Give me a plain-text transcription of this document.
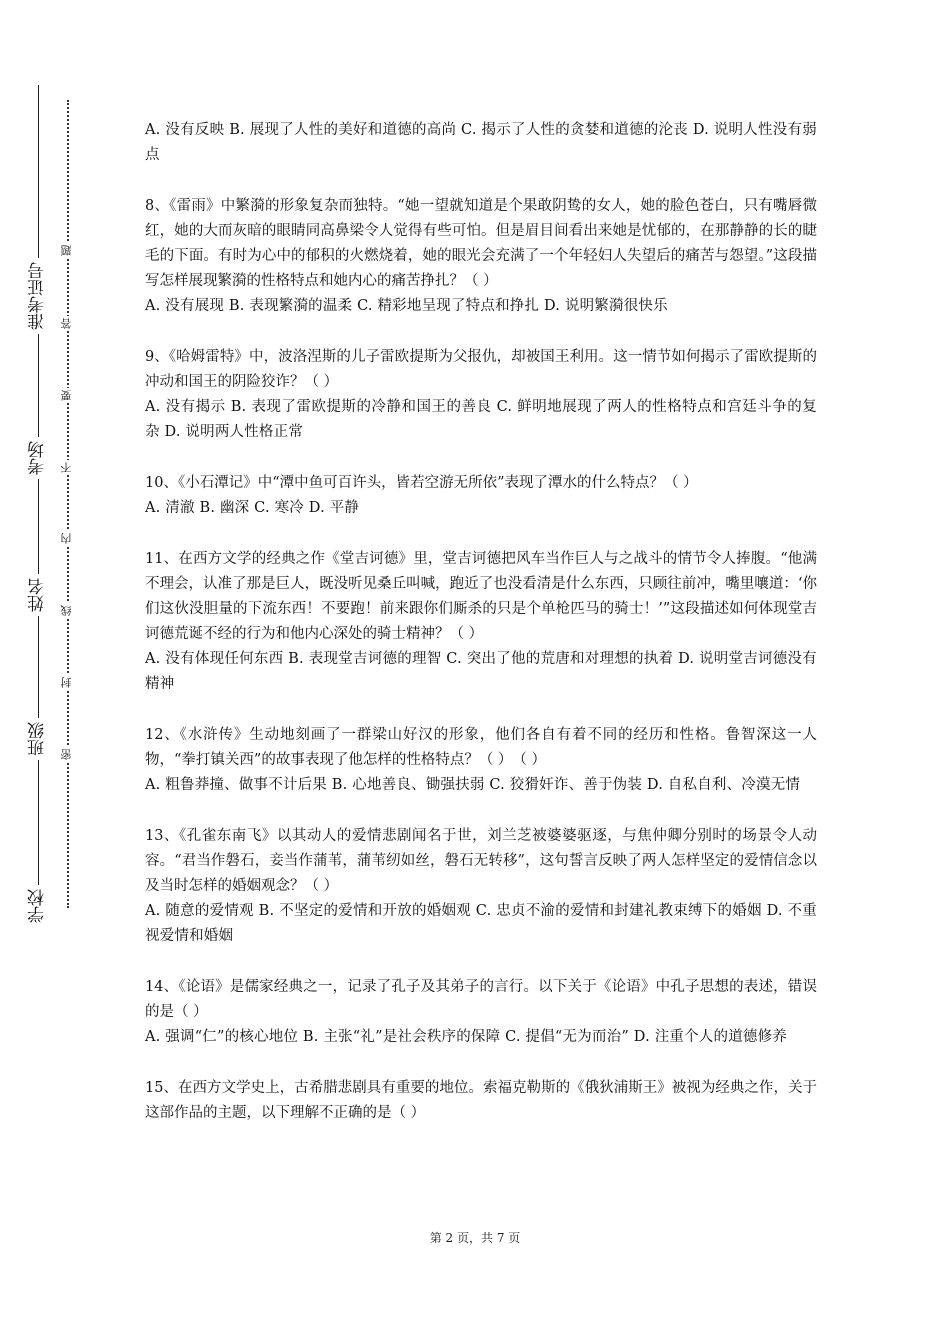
准考证号
考场
姓名
班级
学校
题
答
要
不
内
线
封
密

A. 没有反映 B. 展现了人性的美好和道德的高尚 C. 揭示了人性的贪婪和道德的沦丧 D. 说明人性没有弱点

8、《雷雨》中繁漪的形象复杂而独特。“她一望就知道是个果敢阴鸷的女人，她的脸色苍白，只有嘴唇微红，她的大而灰暗的眼睛同高鼻梁令人觉得有些可怕。但是眉目间看出来她是忧郁的，在那静静的长的睫毛的下面。有时为心中的郁积的火燃烧着，她的眼光会充满了一个年轻妇人失望后的痛苦与怨望。”这段描写怎样展现繁漪的性格特点和她内心的痛苦挣扎？（ ）

A. 没有展现 B. 表现繁漪的温柔 C. 精彩地呈现了特点和挣扎 D. 说明繁漪很快乐

9、《哈姆雷特》中，波洛涅斯的儿子雷欧提斯为父报仇，却被国王利用。这一情节如何揭示了雷欧提斯的冲动和国王的阴险狡诈？（ ）

A. 没有揭示 B. 表现了雷欧提斯的冷静和国王的善良 C. 鲜明地展现了两人的性格特点和宫廷斗争的复杂 D. 说明两人性格正常

10、《小石潭记》中“潭中鱼可百许头，皆若空游无所依”表现了潭水的什么特点？（ ）

A. 清澈 B. 幽深 C. 寒冷 D. 平静

11、在西方文学的经典之作《堂吉诃德》里，堂吉诃德把风车当作巨人与之战斗的情节令人捧腹。“他满不理会，认准了那是巨人，既没听见桑丘叫喊，跑近了也没看清是什么东西，只顾往前冲，嘴里嚷道：‘你们这伙没胆量的下流东西！不要跑！前来跟你们厮杀的只是个单枪匹马的骑士！’”这段描述如何体现堂吉诃德荒诞不经的行为和他内心深处的骑士精神？（ ）

A. 没有体现任何东西 B. 表现堂吉诃德的理智 C. 突出了他的荒唐和对理想的执着 D. 说明堂吉诃德没有精神

12、《水浒传》生动地刻画了一群梁山好汉的形象，他们各自有着不同的经历和性格。鲁智深这一人物，“拳打镇关西”的故事表现了他怎样的性格特点？（ ）　（ ）

A. 粗鲁莽撞、做事不计后果 B. 心地善良、锄强扶弱 C. 狡猾奸诈、善于伪装 D. 自私自利、冷漠无情

13、《孔雀东南飞》以其动人的爱情悲剧闻名于世，刘兰芝被婆婆驱逐，与焦仲卿分别时的场景令人动容。“君当作磐石，妾当作蒲苇，蒲苇纫如丝，磐石无转移”，这句誓言反映了两人怎样坚定的爱情信念以及当时怎样的婚姻观念？（ ）

A. 随意的爱情观 B. 不坚定的爱情和开放的婚姻观 C. 忠贞不渝的爱情和封建礼教束缚下的婚姻 D. 不重视爱情和婚姻

14、《论语》是儒家经典之一，记录了孔子及其弟子的言行。以下关于《论语》中孔子思想的表述，错误的是（ ）

A. 强调“仁”的核心地位 B. 主张“礼”是社会秩序的保障 C. 提倡“无为而治” D. 注重个人的道德修养

15、在西方文学史上，古希腊悲剧具有重要的地位。索福克勒斯的《俄狄浦斯王》被视为经典之作，关于这部作品的主题，以下理解不正确的是（ ）

第 2 页，共 7 页
